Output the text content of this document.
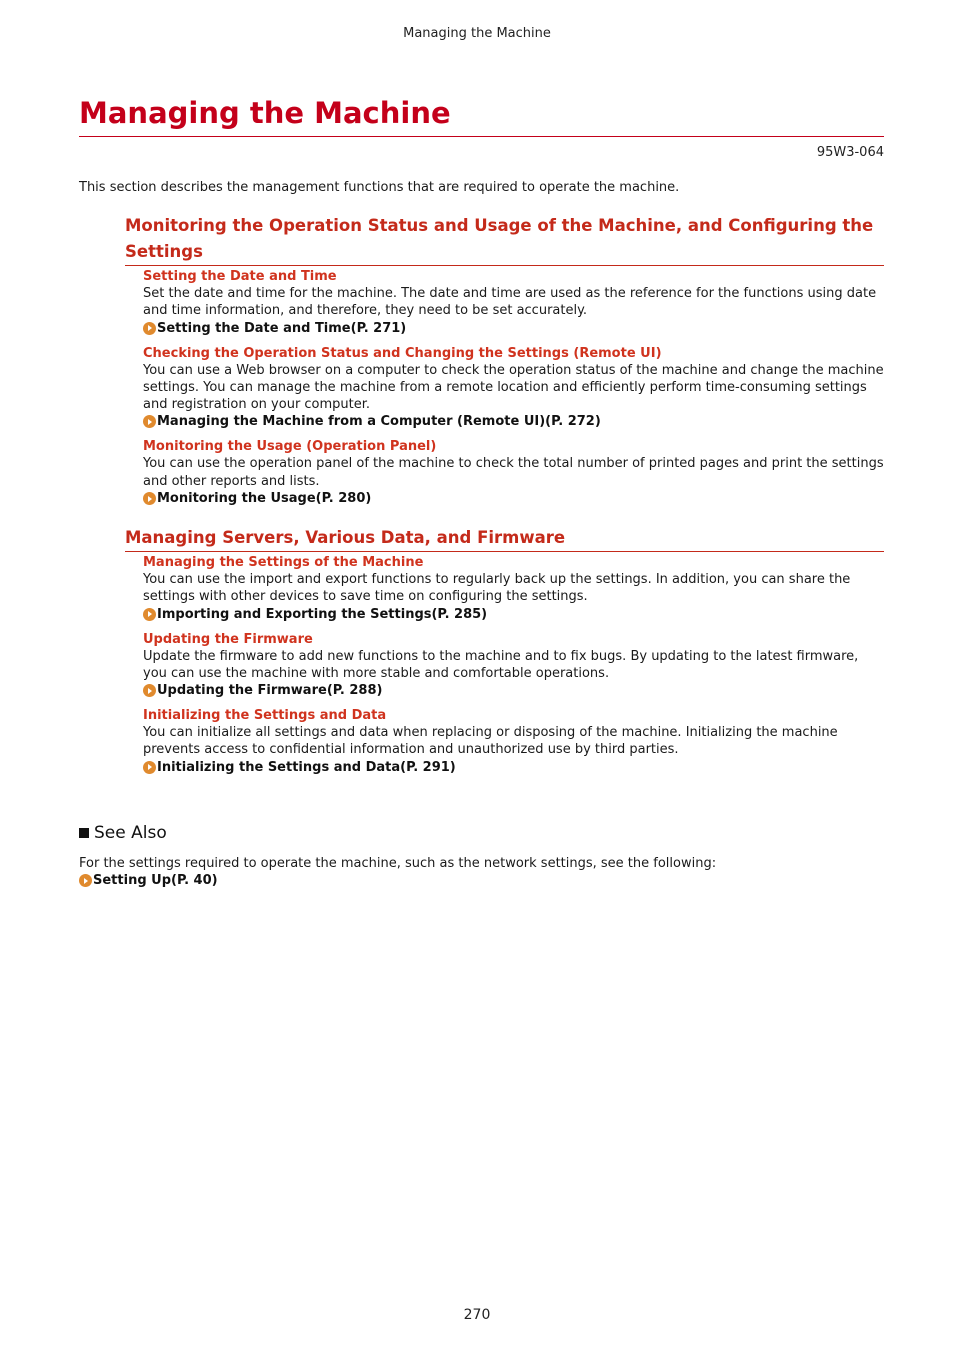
Managing the Machine
Managing the Machine
95W3-064

This section describes the management functions that are required to operate the machine.

Monitoring the Operation Status and Usage of the Machine, and Configuring the Settings

Setting the Date and Time

Set the date and time for the machine. The date and time are used as the reference for the functions using date and time information, and therefore, they need to be set accurately.

Setting the Date and Time(P. 271)

Checking the Operation Status and Changing the Settings (Remote UI)

You can use a Web browser on a computer to check the operation status of the machine and change the machine settings. You can manage the machine from a remote location and efficiently perform time-consuming settings and registration on your computer.

Managing the Machine from a Computer (Remote UI)(P. 272)

Monitoring the Usage (Operation Panel)

You can use the operation panel of the machine to check the total number of printed pages and print the settings and other reports and lists.

Monitoring the Usage(P. 280)
Managing Servers, Various Data, and Firmware

Managing the Settings of the Machine

You can use the import and export functions to regularly back up the settings. In addition, you can share the settings with other devices to save time on configuring the settings.

Importing and Exporting the Settings(P. 285)

Updating the Firmware

Update the firmware to add new functions to the machine and to fix bugs. By updating to the latest firmware, you can use the machine with more stable and comfortable operations.

Updating the Firmware(P. 288)

Initializing the Settings and Data

You can initialize all settings and data when replacing or disposing of the machine. Initializing the machine prevents access to confidential information and unauthorized use by third parties.

Initializing the Settings and Data(P. 291)
See Also

For the settings required to operate the machine, such as the network settings, see the following:

Setting Up(P. 40)
270
